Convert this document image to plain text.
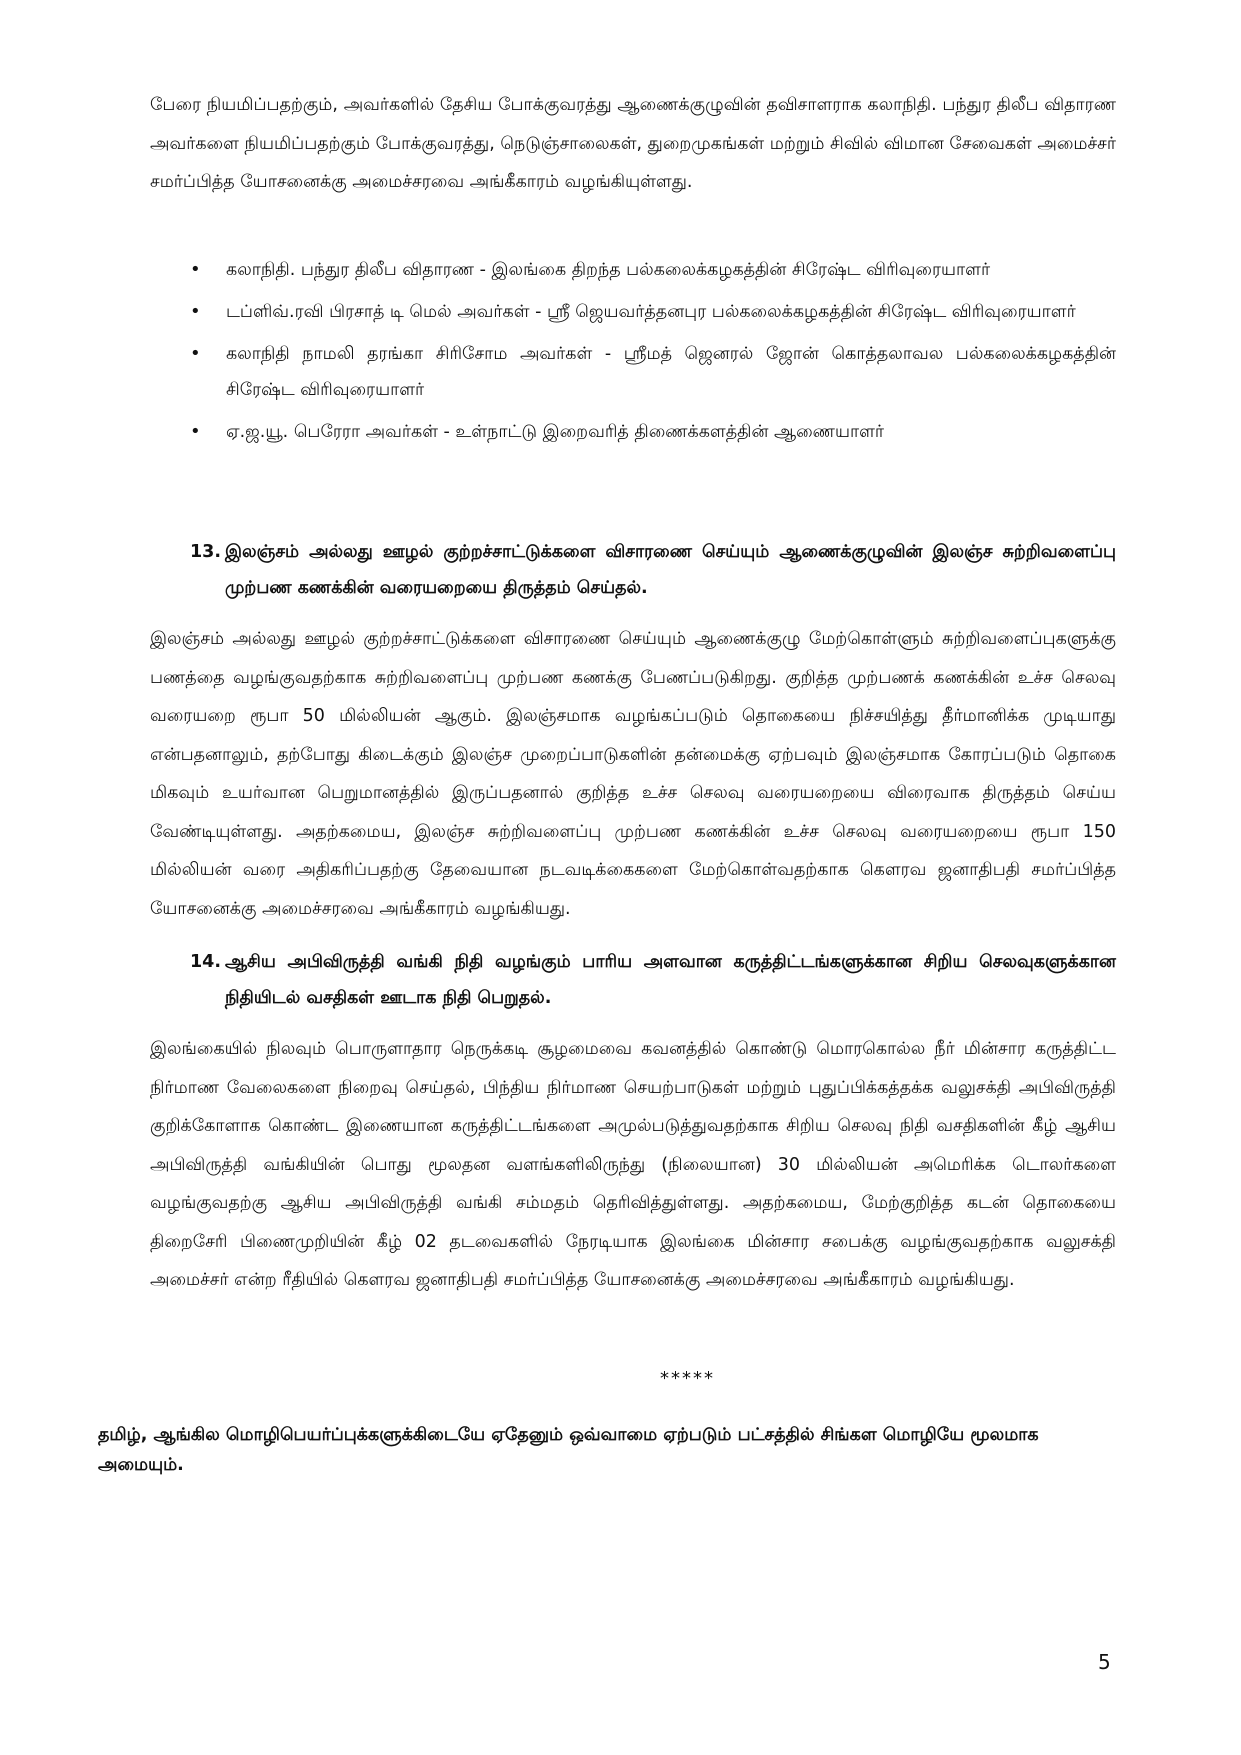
பேரை நியமிப்பதற்கும், அவர்களில் தேசிய போக்குவரத்து ஆணைக்குழுவின் தவிசாளராக கலாநிதி. பந்துர திலீப விதாரண அவர்களை நியமிப்பதற்கும் போக்குவரத்து, நெடுஞ்சாலைகள், துறைமுகங்கள் மற்றும் சிவில் விமான சேவைகள் அமைச்சர் சமர்ப்பித்த யோசனைக்கு அமைச்சரவை அங்கீகாரம் வழங்கியுள்ளது.
• கலாநிதி. பந்துர திலீப விதாரண - இலங்கை திறந்த பல்கலைக்கழகத்தின் சிரேஷ்ட விரிவுரையாளர்
• டப்ளிவ்.ரவி பிரசாத் டி மெல் அவர்கள் - ஸ்ரீ ஜெயவர்த்தனபுர பல்கலைக்கழகத்தின் சிரேஷ்ட விரிவுரையாளர்
• கலாநிதி நாமலி தரங்கா சிரிசோம அவர்கள் - ஸ்ரீமத் ஜெனரல் ஜோன் கொத்தலாவல பல்கலைக்கழகத்தின் சிரேஷ்ட விரிவுரையாளர்
• ஏ.ஜ.யூ. பெரேரா அவர்கள் - உள்நாட்டு இறைவரித் திணைக்களத்தின் ஆணையாளர்
13. இலஞ்சம் அல்லது ஊழல் குற்றச்சாட்டுக்களை விசாரணை செய்யும் ஆணைக்குழுவின் இலஞ்ச சுற்றிவளைப்பு முற்பண கணக்கின் வரையறையை திருத்தம் செய்தல்.
இலஞ்சம் அல்லது ஊழல் குற்றச்சாட்டுக்களை விசாரணை செய்யும் ஆணைக்குழு மேற்கொள்ளும் சுற்றிவளைப்புகளுக்கு பணத்தை வழங்குவதற்காக சுற்றிவளைப்பு முற்பண கணக்கு பேணப்படுகிறது. குறித்த முற்பணக் கணக்கின் உச்ச செலவு வரையறை ரூபா 50 மில்லியன் ஆகும். இலஞ்சமாக வழங்கப்படும் தொகையை நிச்சயித்து தீர்மானிக்க முடியாது என்பதனாலும், தற்போது கிடைக்கும் இலஞ்ச முறைப்பாடுகளின் தன்மைக்கு ஏற்பவும் இலஞ்சமாக கோரப்படும் தொகை மிகவும் உயர்வான பெறுமானத்தில் இருப்பதனால் குறித்த உச்ச செலவு வரையறையை விரைவாக திருத்தம் செய்ய வேண்டியுள்ளது. அதற்கமைய, இலஞ்ச சுற்றிவளைப்பு முற்பண கணக்கின் உச்ச செலவு வரையறையை ரூபா 150 மில்லியன் வரை அதிகரிப்பதற்கு தேவையான நடவடிக்கைகளை மேற்கொள்வதற்காக கௌரவ ஜனாதிபதி சமர்ப்பித்த யோசனைக்கு அமைச்சரவை அங்கீகாரம் வழங்கியது.
14. ஆசிய அபிவிருத்தி வங்கி நிதி வழங்கும் பாரிய அளவான கருத்திட்டங்களுக்கான சிறிய செலவுகளுக்கான நிதியிடல் வசதிகள் ஊடாக நிதி பெறுதல்.
இலங்கையில் நிலவும் பொருளாதார நெருக்கடி சூழமைவை கவனத்தில் கொண்டு மொரகொல்ல நீர் மின்சார கருத்திட்ட நிர்மாண வேலைகளை நிறைவு செய்தல், பிந்திய நிர்மாண செயற்பாடுகள் மற்றும் புதுப்பிக்கத்தக்க வலுசக்தி அபிவிருத்தி குறிக்கோளாக கொண்ட இணையான கருத்திட்டங்களை அமுல்படுத்துவதற்காக சிறிய செலவு நிதி வசதிகளின் கீழ் ஆசிய அபிவிருத்தி வங்கியின் பொது மூலதன வளங்களிலிருந்து (நிலையான) 30 மில்லியன் அமெரிக்க டொலர்களை வழங்குவதற்கு ஆசிய அபிவிருத்தி வங்கி சம்மதம் தெரிவித்துள்ளது. அதற்கமைய, மேற்குறித்த கடன் தொகையை திறைசேரி பிணைமுறியின் கீழ் 02 தடவைகளில் நேரடியாக இலங்கை மின்சார சபைக்கு வழங்குவதற்காக வலுசக்தி அமைச்சர் என்ற ரீதியில் கௌரவ ஜனாதிபதி சமர்ப்பித்த யோசனைக்கு அமைச்சரவை அங்கீகாரம் வழங்கியது.
*****
தமிழ், ஆங்கில மொழிபெயர்ப்புக்களுக்கிடையே ஏதேனும் ஒவ்வாமை ஏற்படும் பட்சத்தில் சிங்கள மொழியே மூலமாக அமையும்.
5
